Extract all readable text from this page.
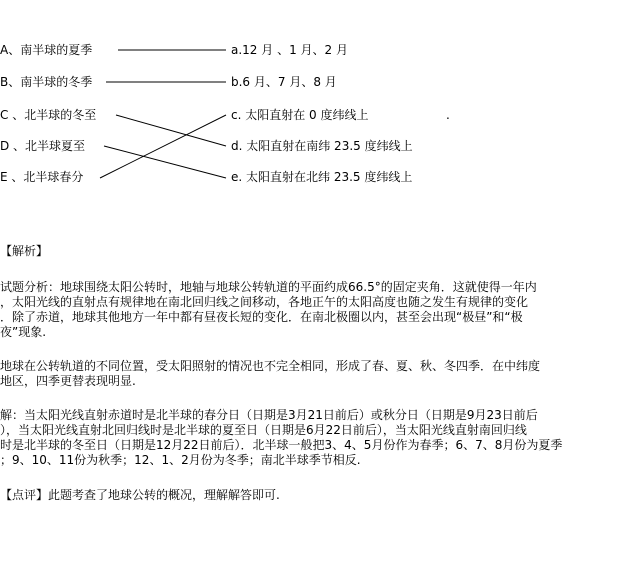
A、南半球的夏季
B、南半球的冬季
C 、北半球的冬至
D 、北半球夏至
E 、北半球春分
a.12 月 、1 月、2 月
b.6 月、7 月、8 月
c. 太阳直射在 0 度纬线上
d. 太阳直射在南纬 23.5 度纬线上
e. 太阳直射在北纬 23.5 度纬线上
.
【解析】
试题分析：地球围绕太阳公转时，地轴与地球公转轨道的平面约成66.5°的固定夹角．这就使得一年内
，太阳光线的直射点有规律地在南北回归线之间移动，各地正午的太阳高度也随之发生有规律的变化
．除了赤道，地球其他地方一年中都有昼夜长短的变化．在南北极圈以内，甚至会出现“极昼”和“极
夜”现象.
地球在公转轨道的不同位置，受太阳照射的情况也不完全相同，形成了春、夏、秋、冬四季．在中纬度
地区，四季更替表现明显.
解：当太阳光线直射赤道时是北半球的春分日（日期是3月21日前后）或秋分日（日期是9月23日前后
），当太阳光线直射北回归线时是北半球的夏至日（日期是6月22日前后），当太阳光线直射南回归线
时是北半球的冬至日（日期是12月22日前后）．北半球一般把3、4、5月份作为春季；6、7、8月份为夏季
；9、10、11份为秋季；12、1、2月份为冬季；南北半球季节相反.
【点评】此题考查了地球公转的概况，理解解答即可.
